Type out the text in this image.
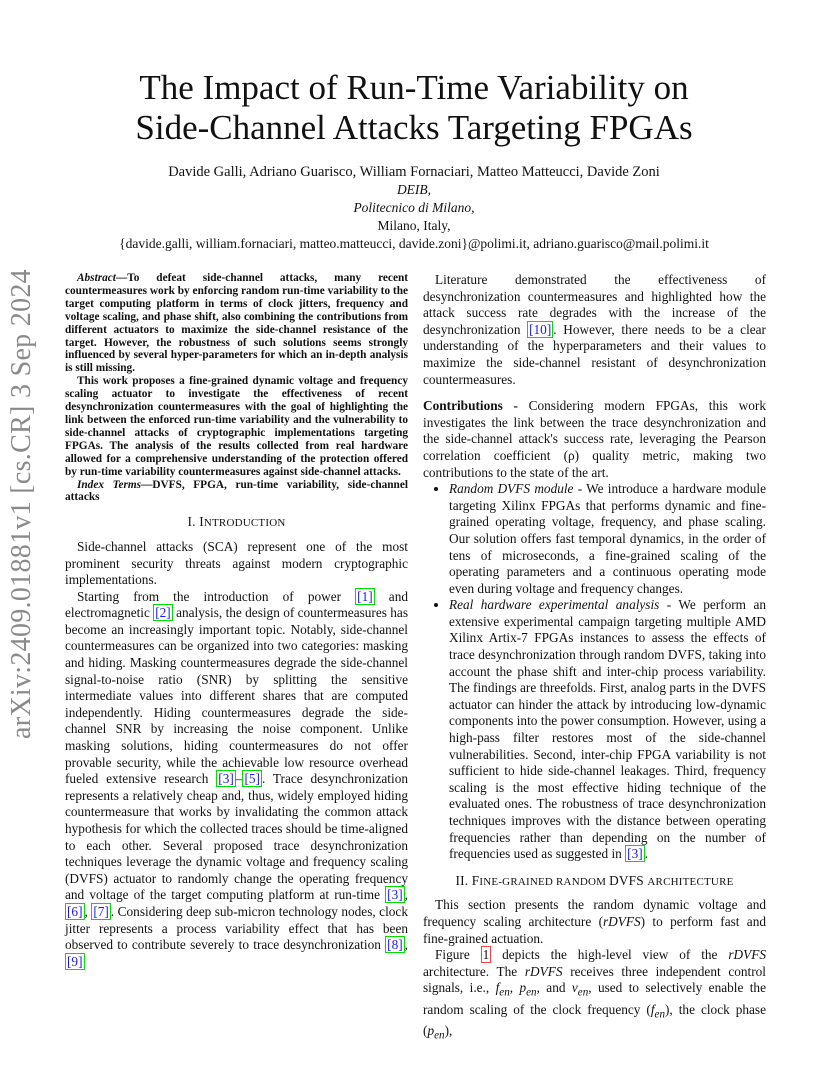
arXiv:2409.01881v1 [cs.CR] 3 Sep 2024
The Impact of Run-Time Variability on
Side-Channel Attacks Targeting FPGAs
Davide Galli, Adriano Guarisco, William Fornaciari, Matteo Matteucci, Davide Zoni
DEIB,
Politecnico di Milano,
Milano, Italy,
{davide.galli, william.fornaciari, matteo.matteucci, davide.zoni}@polimi.it, adriano.guarisco@mail.polimi.it

Abstract—To defeat side-channel attacks, many recent countermeasures work by enforcing random run-time variability to the target computing platform in terms of clock jitters, frequency and voltage scaling, and phase shift, also combining the contributions from different actuators to maximize the side-channel resistance of the target. However, the robustness of such solutions seems strongly influenced by several hyper-parameters for which an in-depth analysis is still missing.

This work proposes a fine-grained dynamic voltage and frequency scaling actuator to investigate the effectiveness of recent desynchronization countermeasures with the goal of highlighting the link between the enforced run-time variability and the vulnerability to side-channel attacks of cryptographic implementations targeting FPGAs. The analysis of the results collected from real hardware allowed for a comprehensive understanding of the protection offered by run-time variability countermeasures against side-channel attacks.

Index Terms—DVFS, FPGA, run-time variability, side-channel attacks

I. INTRODUCTION

Side-channel attacks (SCA) represent one of the most prominent security threats against modern cryptographic implementations.

Starting from the introduction of power [1] and electromagnetic [2] analysis, the design of countermeasures has become an increasingly important topic. Notably, side-channel countermeasures can be organized into two categories: masking and hiding. Masking countermeasures degrade the side-channel signal-to-noise ratio (SNR) by splitting the sensitive intermediate values into different shares that are computed independently. Hiding countermeasures degrade the side-channel SNR by increasing the noise component. Unlike masking solutions, hiding countermeasures do not offer provable security, while the achievable low resource overhead fueled extensive research [3] – [5] . Trace desynchronization represents a relatively cheap and, thus, widely employed hiding countermeasure that works by invalidating the common attack hypothesis for which the collected traces should be time-aligned to each other. Several proposed trace desynchronization techniques leverage the dynamic voltage and frequency scaling (DVFS) actuator to randomly change the operating frequency and voltage of the target computing platform at run-time [3] , [6] , [7] . Considering deep sub-micron technology nodes, clock jitter represents a process variability effect that has been observed to contribute severely to trace desynchronization [8] , [9]

Literature demonstrated the effectiveness of desynchronization countermeasures and highlighted how the attack success rate degrades with the increase of the desynchronization [10] . However, there needs to be a clear understanding of the hyperparameters and their values to maximize the side-channel resistant of desynchronization countermeasures.

Contributions - Considering modern FPGAs, this work investigates the link between the trace desynchronization and the side-channel attack's success rate, leveraging the Pearson correlation coefficient (ρ) quality metric, making two contributions to the state of the art.

• Random DVFS module - We introduce a hardware module targeting Xilinx FPGAs that performs dynamic and fine-grained operating voltage, frequency, and phase scaling. Our solution offers fast temporal dynamics, in the order of tens of microseconds, a fine-grained scaling of the operating parameters and a continuous operating mode even during voltage and frequency changes.
• Real hardware experimental analysis - We perform an extensive experimental campaign targeting multiple AMD Xilinx Artix-7 FPGAs instances to assess the effects of trace desynchronization through random DVFS, taking into account the phase shift and inter-chip process variability. The findings are threefolds. First, analog parts in the DVFS actuator can hinder the attack by introducing low-dynamic components into the power consumption. However, using a high-pass filter restores most of the side-channel vulnerabilities. Second, inter-chip FPGA variability is not sufficient to hide side-channel leakages. Third, frequency scaling is the most effective hiding technique of the evaluated ones. The robustness of trace desynchronization techniques improves with the distance between operating frequencies rather than depending on the number of frequencies used as suggested in [3] .
II. FINE-GRAINED RANDOM DVFS ARCHITECTURE

This section presents the random dynamic voltage and frequency scaling architecture (rDVFS) to perform fast and fine-grained actuation.

Figure 1 depicts the high-level view of the rDVFS architecture. The rDVFS receives three independent control signals, i.e., $f_{en}$, $p_{en}$, and $v_{en}$, used to selectively enable the random scaling of the clock frequency $(f_{en})$, the clock phase $(p_{en})$,
